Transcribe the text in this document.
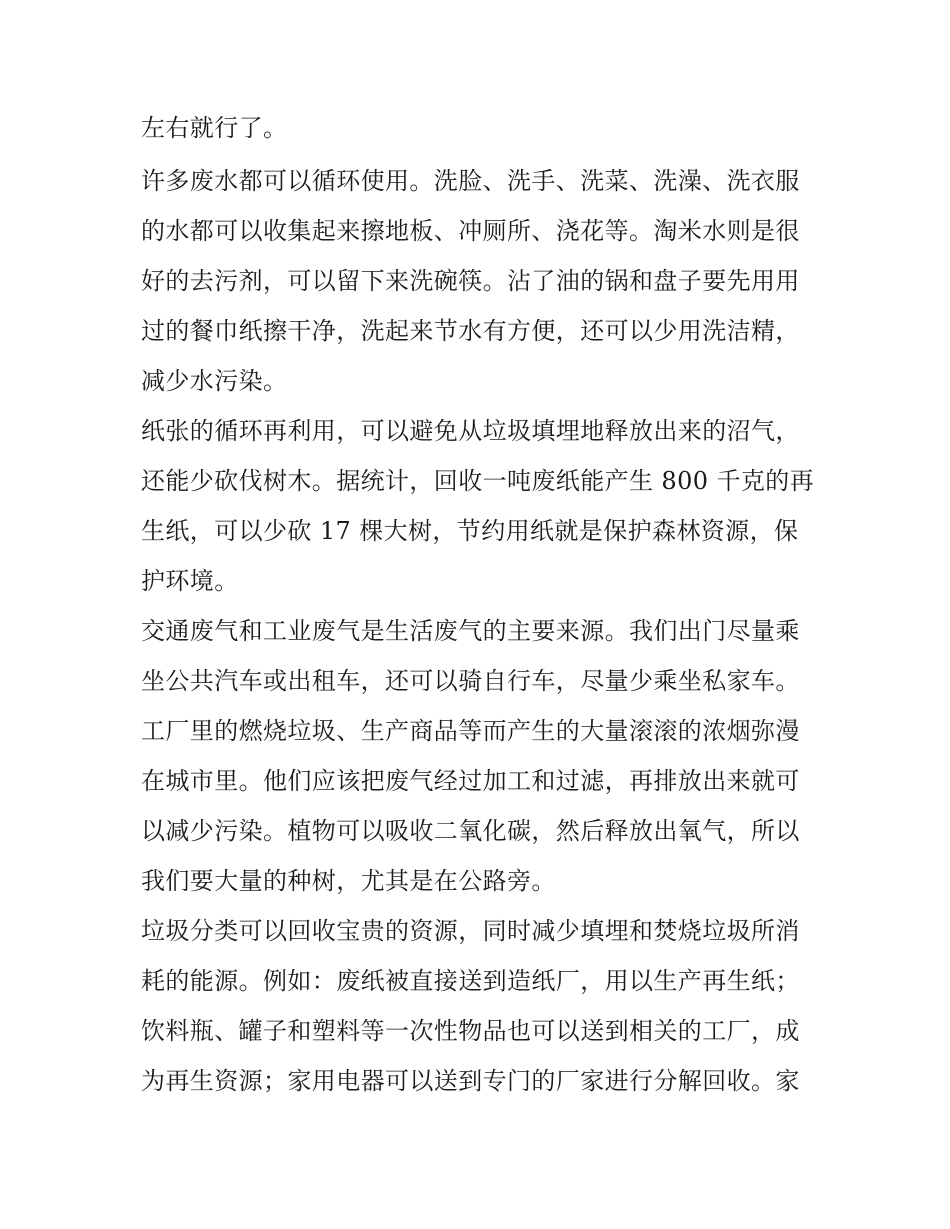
左右就行了。
许多废水都可以循环使用。洗脸、洗手、洗菜、洗澡、洗衣服
的水都可以收集起来擦地板、冲厕所、浇花等。淘米水则是很
好的去污剂，可以留下来洗碗筷。沾了油的锅和盘子要先用用
过的餐巾纸擦干净，洗起来节水有方便，还可以少用洗洁精，
减少水污染。
纸张的循环再利用，可以避免从垃圾填埋地释放出来的沼气，
还能少砍伐树木。据统计，回收一吨废纸能产生 800 千克的再
生纸，可以少砍 17 棵大树，节约用纸就是保护森林资源，保
护环境。
交通废气和工业废气是生活废气的主要来源。我们出门尽量乘
坐公共汽车或出租车，还可以骑自行车，尽量少乘坐私家车。
工厂里的燃烧垃圾、生产商品等而产生的大量滚滚的浓烟弥漫
在城市里。他们应该把废气经过加工和过滤，再排放出来就可
以减少污染。植物可以吸收二氧化碳，然后释放出氧气，所以
我们要大量的种树，尤其是在公路旁。
垃圾分类可以回收宝贵的资源，同时减少填埋和焚烧垃圾所消
耗的能源。例如：废纸被直接送到造纸厂，用以生产再生纸；
饮料瓶、罐子和塑料等一次性物品也可以送到相关的工厂，成
为再生资源；家用电器可以送到专门的厂家进行分解回收。家
